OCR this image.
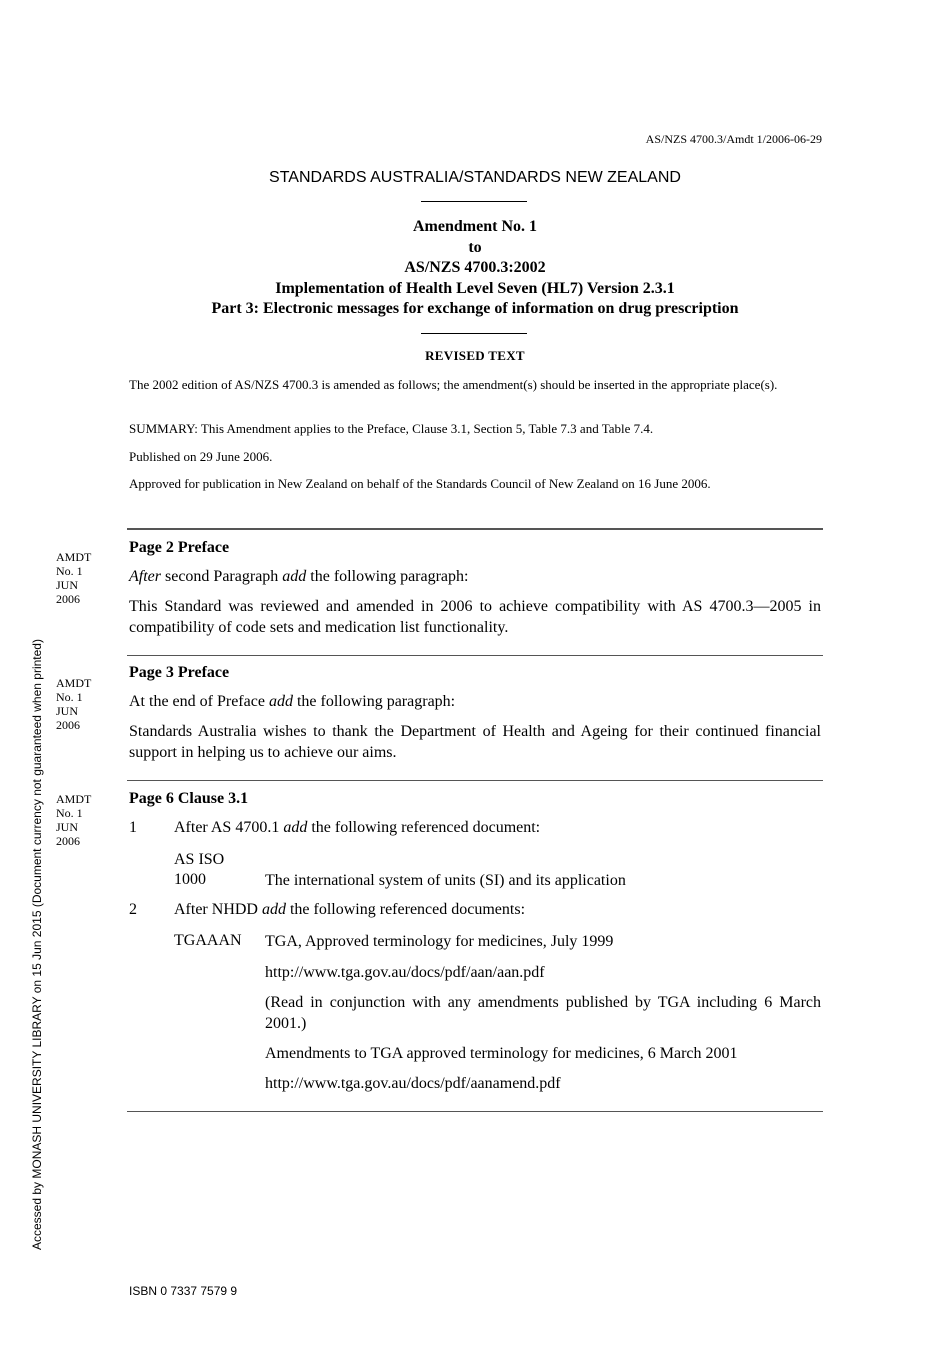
AS/NZS 4700.3/Amdt 1/2006-06-29
STANDARDS AUSTRALIA/STANDARDS NEW ZEALAND
Amendment No. 1
to
AS/NZS 4700.3:2002
Implementation of Health Level Seven (HL7) Version 2.3.1
Part 3: Electronic messages for exchange of information on drug prescription
REVISED TEXT
The 2002 edition of AS/NZS 4700.3 is amended as follows; the amendment(s) should be inserted in the appropriate place(s).
SUMMARY: This Amendment applies to the Preface, Clause 3.1, Section 5, Table 7.3 and Table 7.4.
Published on 29 June 2006.
Approved for publication in New Zealand on behalf of the Standards Council of New Zealand on 16 June 2006.
AMDT
No. 1
JUN
2006
Page 2 Preface
After second Paragraph add the following paragraph:
This Standard was reviewed and amended in 2006 to achieve compatibility with AS 4700.3—2005 in compatibility of code sets and medication list functionality.
AMDT
No. 1
JUN
2006
Page 3 Preface
At the end of Preface add the following paragraph:
Standards Australia wishes to thank the Department of Health and Ageing for their continued financial support in helping us to achieve our aims.
AMDT
No. 1
JUN
2006
Page 6 Clause 3.1
1 After AS 4700.1 add the following referenced document:
AS ISO
1000	The international system of units (SI) and its application
2 After NHDD add the following referenced documents:
TGAAAN TGA, Approved terminology for medicines, July 1999
http://www.tga.gov.au/docs/pdf/aan/aan.pdf
(Read in conjunction with any amendments published by TGA including 6 March 2001.)
Amendments to TGA approved terminology for medicines, 6 March 2001
http://www.tga.gov.au/docs/pdf/aanamend.pdf
Accessed by MONASH UNIVERSITY LIBRARY on 15 Jun 2015 (Document currency not guaranteed when printed)
ISBN 0 7337 7579 9
